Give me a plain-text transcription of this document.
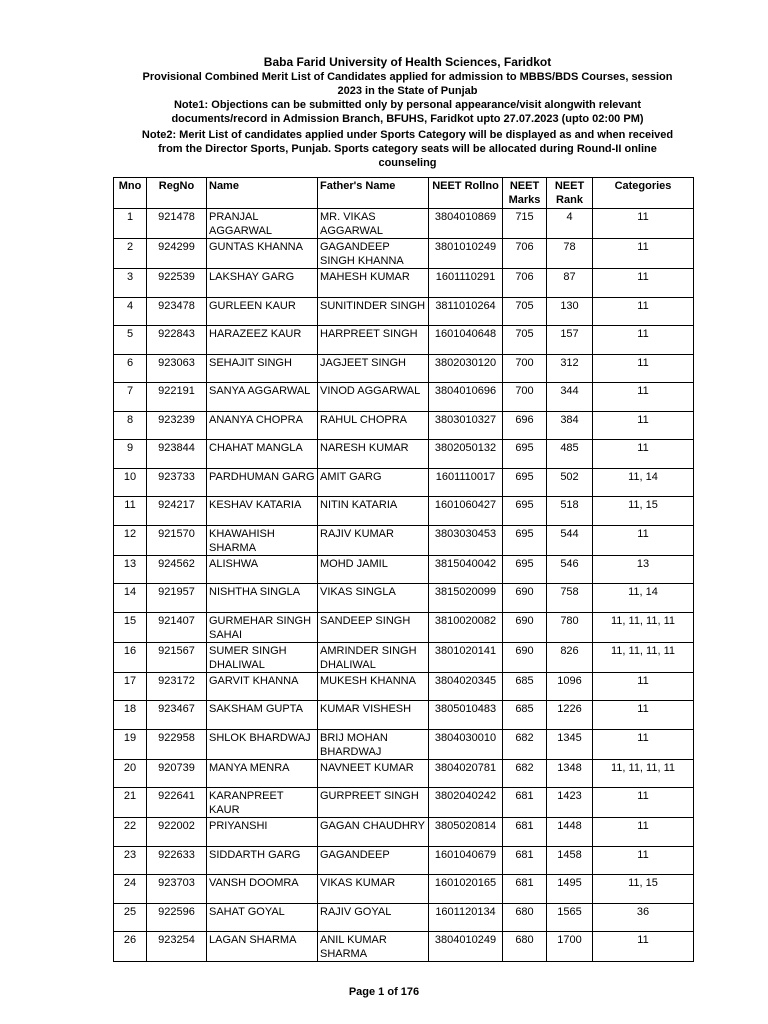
Baba Farid University of Health Sciences, Faridkot
Provisional Combined Merit List of Candidates applied for admission to MBBS/BDS Courses, session
2023 in the State of Punjab
Note1: Objections can be submitted only by personal appearance/visit alongwith relevant
documents/record in Admission Branch, BFUHS, Faridkot upto 27.07.2023 (upto 02:00 PM)
Note2: Merit List of candidates applied under Sports Category will be displayed as and when received
from the Director Sports, Punjab. Sports category seats will be allocated during Round-II online
counseling
Mno	RegNo	Name	Father's Name	NEET Rollno	NEET Marks	NEET Rank	Categories
1	921478	PRANJAL AGGARWAL	MR. VIKAS AGGARWAL	3804010869	715	4	11
2	924299	GUNTAS KHANNA	GAGANDEEP SINGH KHANNA	3801010249	706	78	11
3	922539	LAKSHAY GARG	MAHESH KUMAR	1601110291	706	87	11
4	923478	GURLEEN KAUR	SUNITINDER SINGH	3811010264	705	130	11
5	922843	HARAZEEZ KAUR	HARPREET SINGH	1601040648	705	157	11
6	923063	SEHAJIT SINGH	JAGJEET SINGH	3802030120	700	312	11
7	922191	SANYA AGGARWAL	VINOD AGGARWAL	3804010696	700	344	11
8	923239	ANANYA CHOPRA	RAHUL CHOPRA	3803010327	696	384	11
9	923844	CHAHAT MANGLA	NARESH KUMAR	3802050132	695	485	11
10	923733	PARDHUMAN GARG	AMIT GARG	1601110017	695	502	11, 14
11	924217	KESHAV KATARIA	NITIN KATARIA	1601060427	695	518	11, 15
12	921570	KHAWAHISH SHARMA	RAJIV KUMAR	3803030453	695	544	11
13	924562	ALISHWA	MOHD JAMIL	3815040042	695	546	13
14	921957	NISHTHA SINGLA	VIKAS SINGLA	3815020099	690	758	11, 14
15	921407	GURMEHAR SINGH SAHAI	SANDEEP SINGH	3810020082	690	780	11, 11, 11, 11
16	921567	SUMER SINGH DHALIWAL	AMRINDER SINGH DHALIWAL	3801020141	690	826	11, 11, 11, 11
17	923172	GARVIT KHANNA	MUKESH KHANNA	3804020345	685	1096	11
18	923467	SAKSHAM GUPTA	KUMAR VISHESH	3805010483	685	1226	11
19	922958	SHLOK BHARDWAJ	BRIJ MOHAN BHARDWAJ	3804030010	682	1345	11
20	920739	MANYA MENRA	NAVNEET KUMAR	3804020781	682	1348	11, 11, 11, 11
21	922641	KARANPREET KAUR	GURPREET SINGH	3802040242	681	1423	11
22	922002	PRIYANSHI	GAGAN CHAUDHRY	3805020814	681	1448	11
23	922633	SIDDARTH GARG	GAGANDEEP	1601040679	681	1458	11
24	923703	VANSH DOOMRA	VIKAS KUMAR	1601020165	681	1495	11, 15
25	922596	SAHAT GOYAL	RAJIV GOYAL	1601120134	680	1565	36
26	923254	LAGAN SHARMA	ANIL KUMAR SHARMA	3804010249	680	1700	11
Page 1 of 176
